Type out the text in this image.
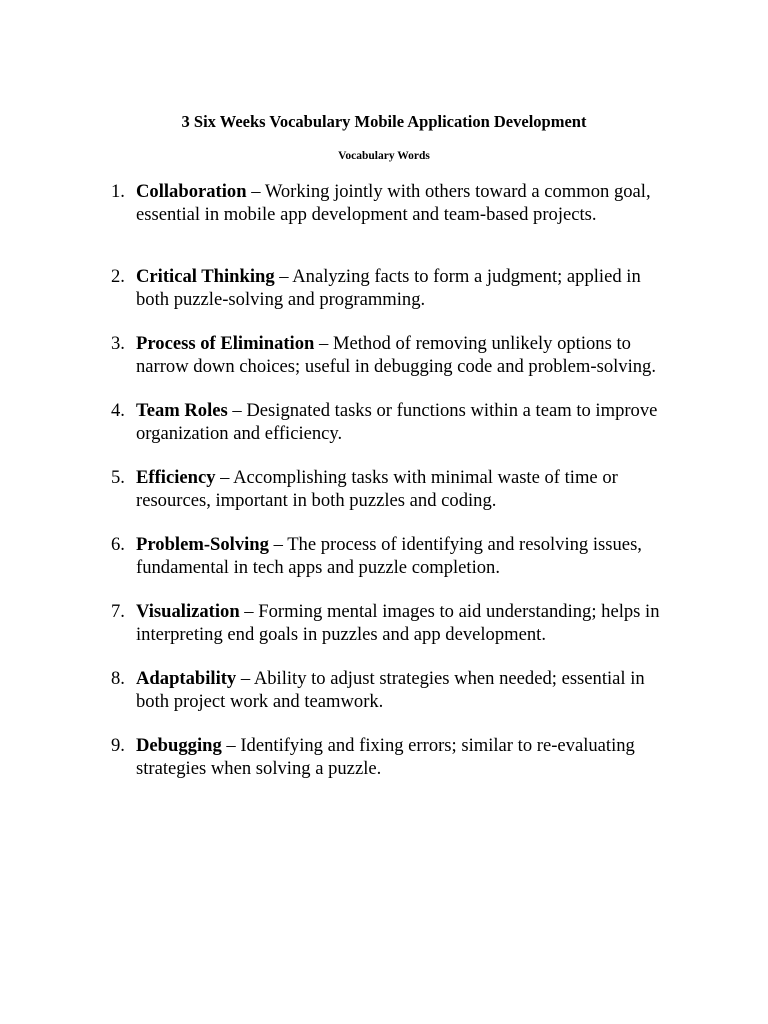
3 Six Weeks Vocabulary Mobile Application Development
Vocabulary Words
1. Collaboration – Working jointly with others toward a common goal,
essential in mobile app development and team-based projects.
2. Critical Thinking – Analyzing facts to form a judgment; applied in
both puzzle-solving and programming.
3. Process of Elimination – Method of removing unlikely options to
narrow down choices; useful in debugging code and problem-solving.
4. Team Roles – Designated tasks or functions within a team to improve
organization and efficiency.
5. Efficiency – Accomplishing tasks with minimal waste of time or
resources, important in both puzzles and coding.
6. Problem-Solving – The process of identifying and resolving issues,
fundamental in tech apps and puzzle completion.
7. Visualization – Forming mental images to aid understanding; helps in
interpreting end goals in puzzles and app development.
8. Adaptability – Ability to adjust strategies when needed; essential in
both project work and teamwork.
9. Debugging – Identifying and fixing errors; similar to re-evaluating
strategies when solving a puzzle.
